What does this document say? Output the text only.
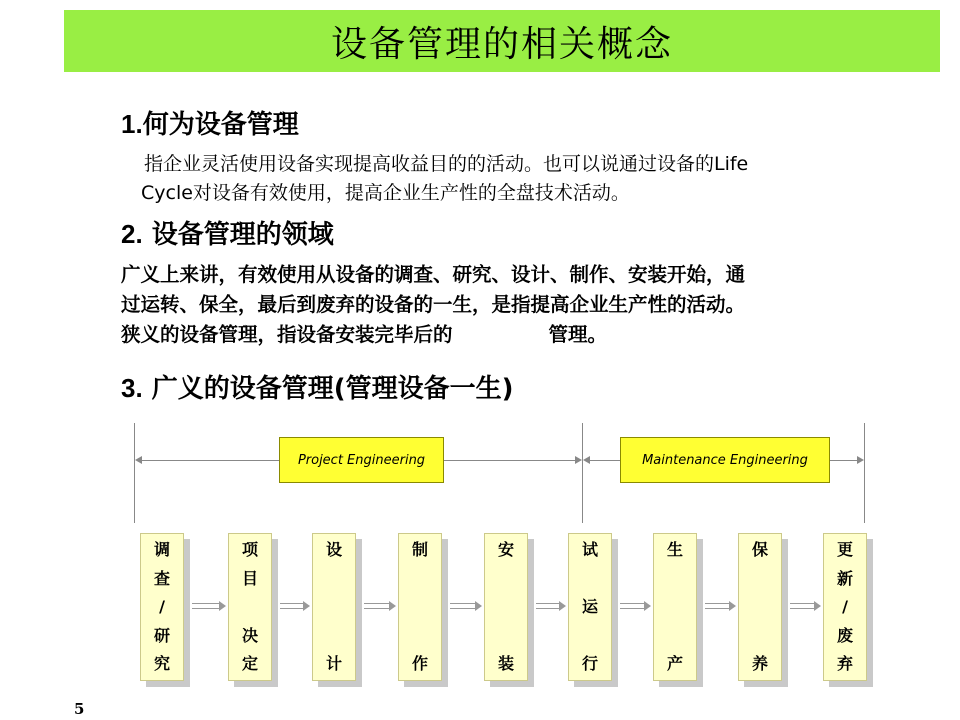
设备管理的相关概念
1.何为设备管理
指企业灵活使用设备实现提高收益目的的活动。也可以说通过设备的Life
Cycle对设备有效使用，提高企业生产性的全盘技术活动。
2. 设备管理的领域
广义上来讲，有效使用从设备的调查、研究、设计、制作、安装开始，通
过运转、保全，最后到废弃的设备的一生，是指提高企业生产性的活动。
狭义的设备管理，指设备安装完毕后的	管理。
3. 广义的设备管理(管理设备一生)
Project Engineering	Maintenance Engineering
调
查
/
研
究
项
目

决
定
设

计
制

作
安

装
试

运

行
生

产
保

养
更
新
/
废
弃
5
